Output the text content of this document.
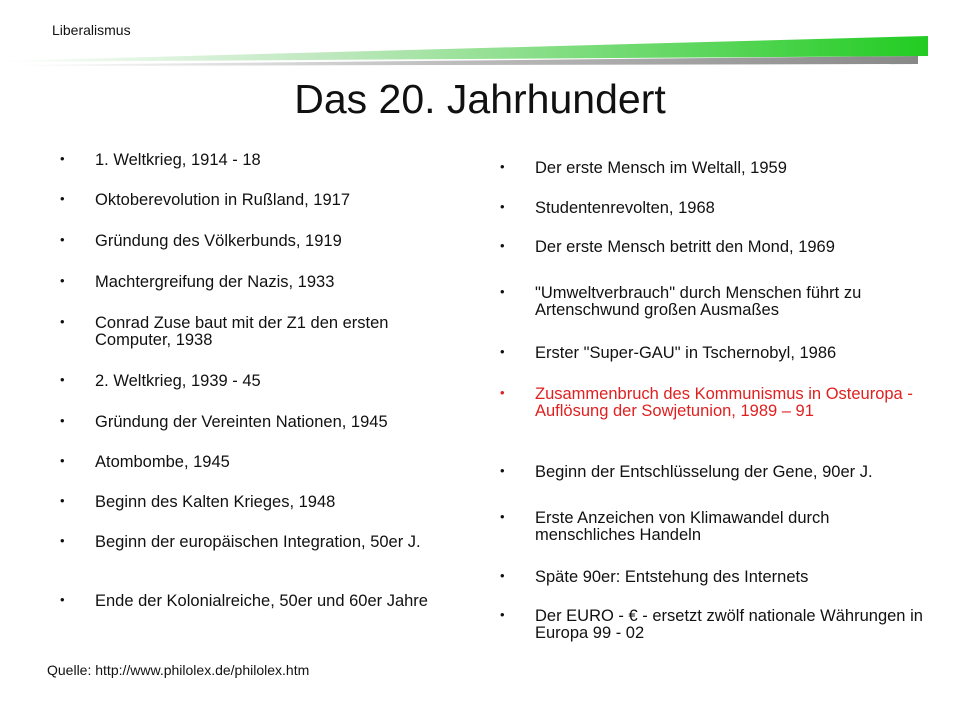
Liberalismus
Das 20. Jahrhundert
• 1. Weltkrieg, 1914 - 18
• Oktoberevolution in Rußland, 1917
• Gründung des Völkerbunds, 1919
• Machtergreifung der Nazis, 1933
• Conrad Zuse baut mit der Z1 den ersten Computer, 1938
• 2. Weltkrieg, 1939 - 45
• Gründung der Vereinten Nationen, 1945
• Atombombe, 1945
• Beginn des Kalten Krieges, 1948
• Beginn der europäischen Integration, 50er J.
• Ende der Kolonialreiche, 50er und 60er Jahre
• Der erste Mensch im Weltall, 1959
• Studentenrevolten, 1968
• Der erste Mensch betritt den Mond, 1969
• "Umweltverbrauch" durch Menschen führt zu Artenschwund großen Ausmaßes
• Erster "Super-GAU" in Tschernobyl, 1986
• Zusammenbruch des Kommunismus in Osteuropa - Auflösung der Sowjetunion, 1989 – 91
• Beginn der Entschlüsselung der Gene, 90er J.
• Erste Anzeichen von Klimawandel durch menschliches Handeln
• Späte 90er: Entstehung des Internets
• Der EURO - € - ersetzt zwölf nationale Währungen in Europa 99 - 02
Quelle: http://www.philolex.de/philolex.htm
